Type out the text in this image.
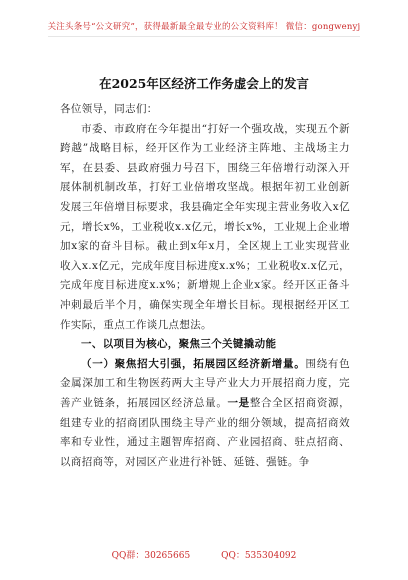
关注头条号“公文研究”，获得最新最全最专业的公文资料库！ 微信：gongwenyj
在2025年区经济工作务虚会上的发言

各位领导，同志们：

市委、市政府在今年提出“打好一个强攻战，实现五个新跨越”战略目标，经开区作为工业经济主阵地、主战场主力军，在县委、县政府强力号召下，围绕三年倍增行动深入开展体制机制改革，打好工业倍增攻坚战。根据年初工业创新发展三年倍增目标要求，我县确定全年实现主营业务收入x亿元，增长x%，工业税收x.x亿元，增长x%，工业规上企业增加x家的奋斗目标。截止到x年x月，全区规上工业实现营业收入x.x亿元，完成年度目标进度x.x%；工业税收x.x亿元，完成年度目标进度x.x%；新增规上企业x家。经开区正备斗冲刺最后半个月，确保实现全年增长目标。现根据经开区工作实际，重点工作谈几点想法。

一、以项目为核心，聚焦三个关键撬动能

（一）聚焦招大引强，拓展园区经济新增量。围绕有色金属深加工和生物医药两大主导产业大力开展招商力度，完善产业链条，拓展园区经济总量。一是整合全区招商资源，组建专业的招商团队围绕主导产业的细分领域，提高招商效率和专业性，通过主题智库招商、产业园招商、驻点招商、以商招商等，对园区产业进行补链、延链、强链。争

QQ群：30265665	QQ：535304092
